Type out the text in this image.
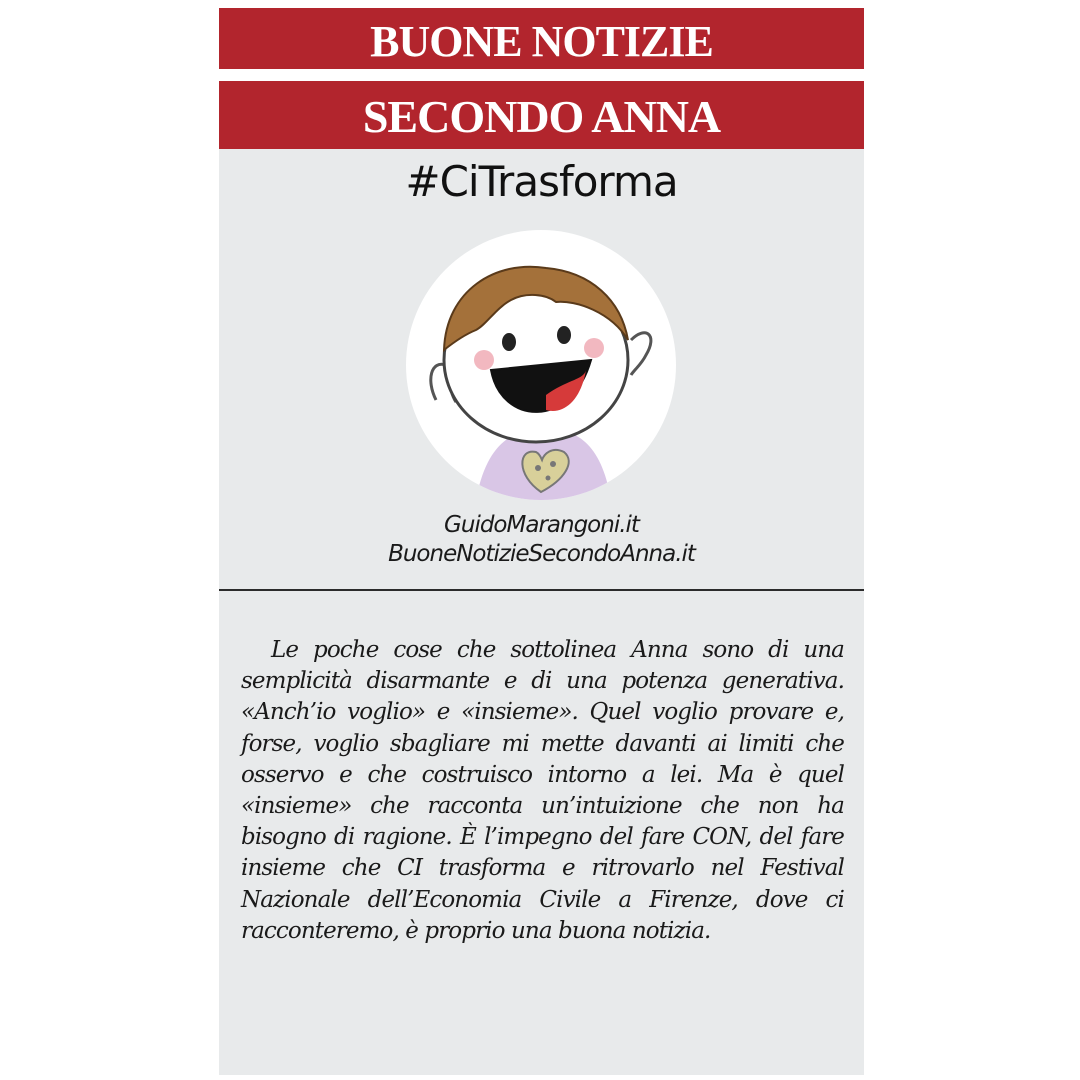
BUONE NOTIZIE
SECONDO ANNA
#CiTrasforma
GuidoMarangoni.it
BuoneNotizieSecondoAnna.it
Le poche cose che sottolinea Anna sono di una semplicità disarmante e di una potenza generativa. «Anch’io voglio» e «insieme». Quel voglio provare e, forse, voglio sbagliare mi mette davanti ai limiti che osservo e che costruisco intorno a lei. Ma è quel «insieme» che racconta un’intuizione che non ha bisogno di ragione. È l’impegno del fare CON, del fare insieme che CI trasforma e ritrovarlo nel Festival Nazionale dell’Economia Civile a Firenze, dove ci racconteremo, è proprio una buona notizia.
